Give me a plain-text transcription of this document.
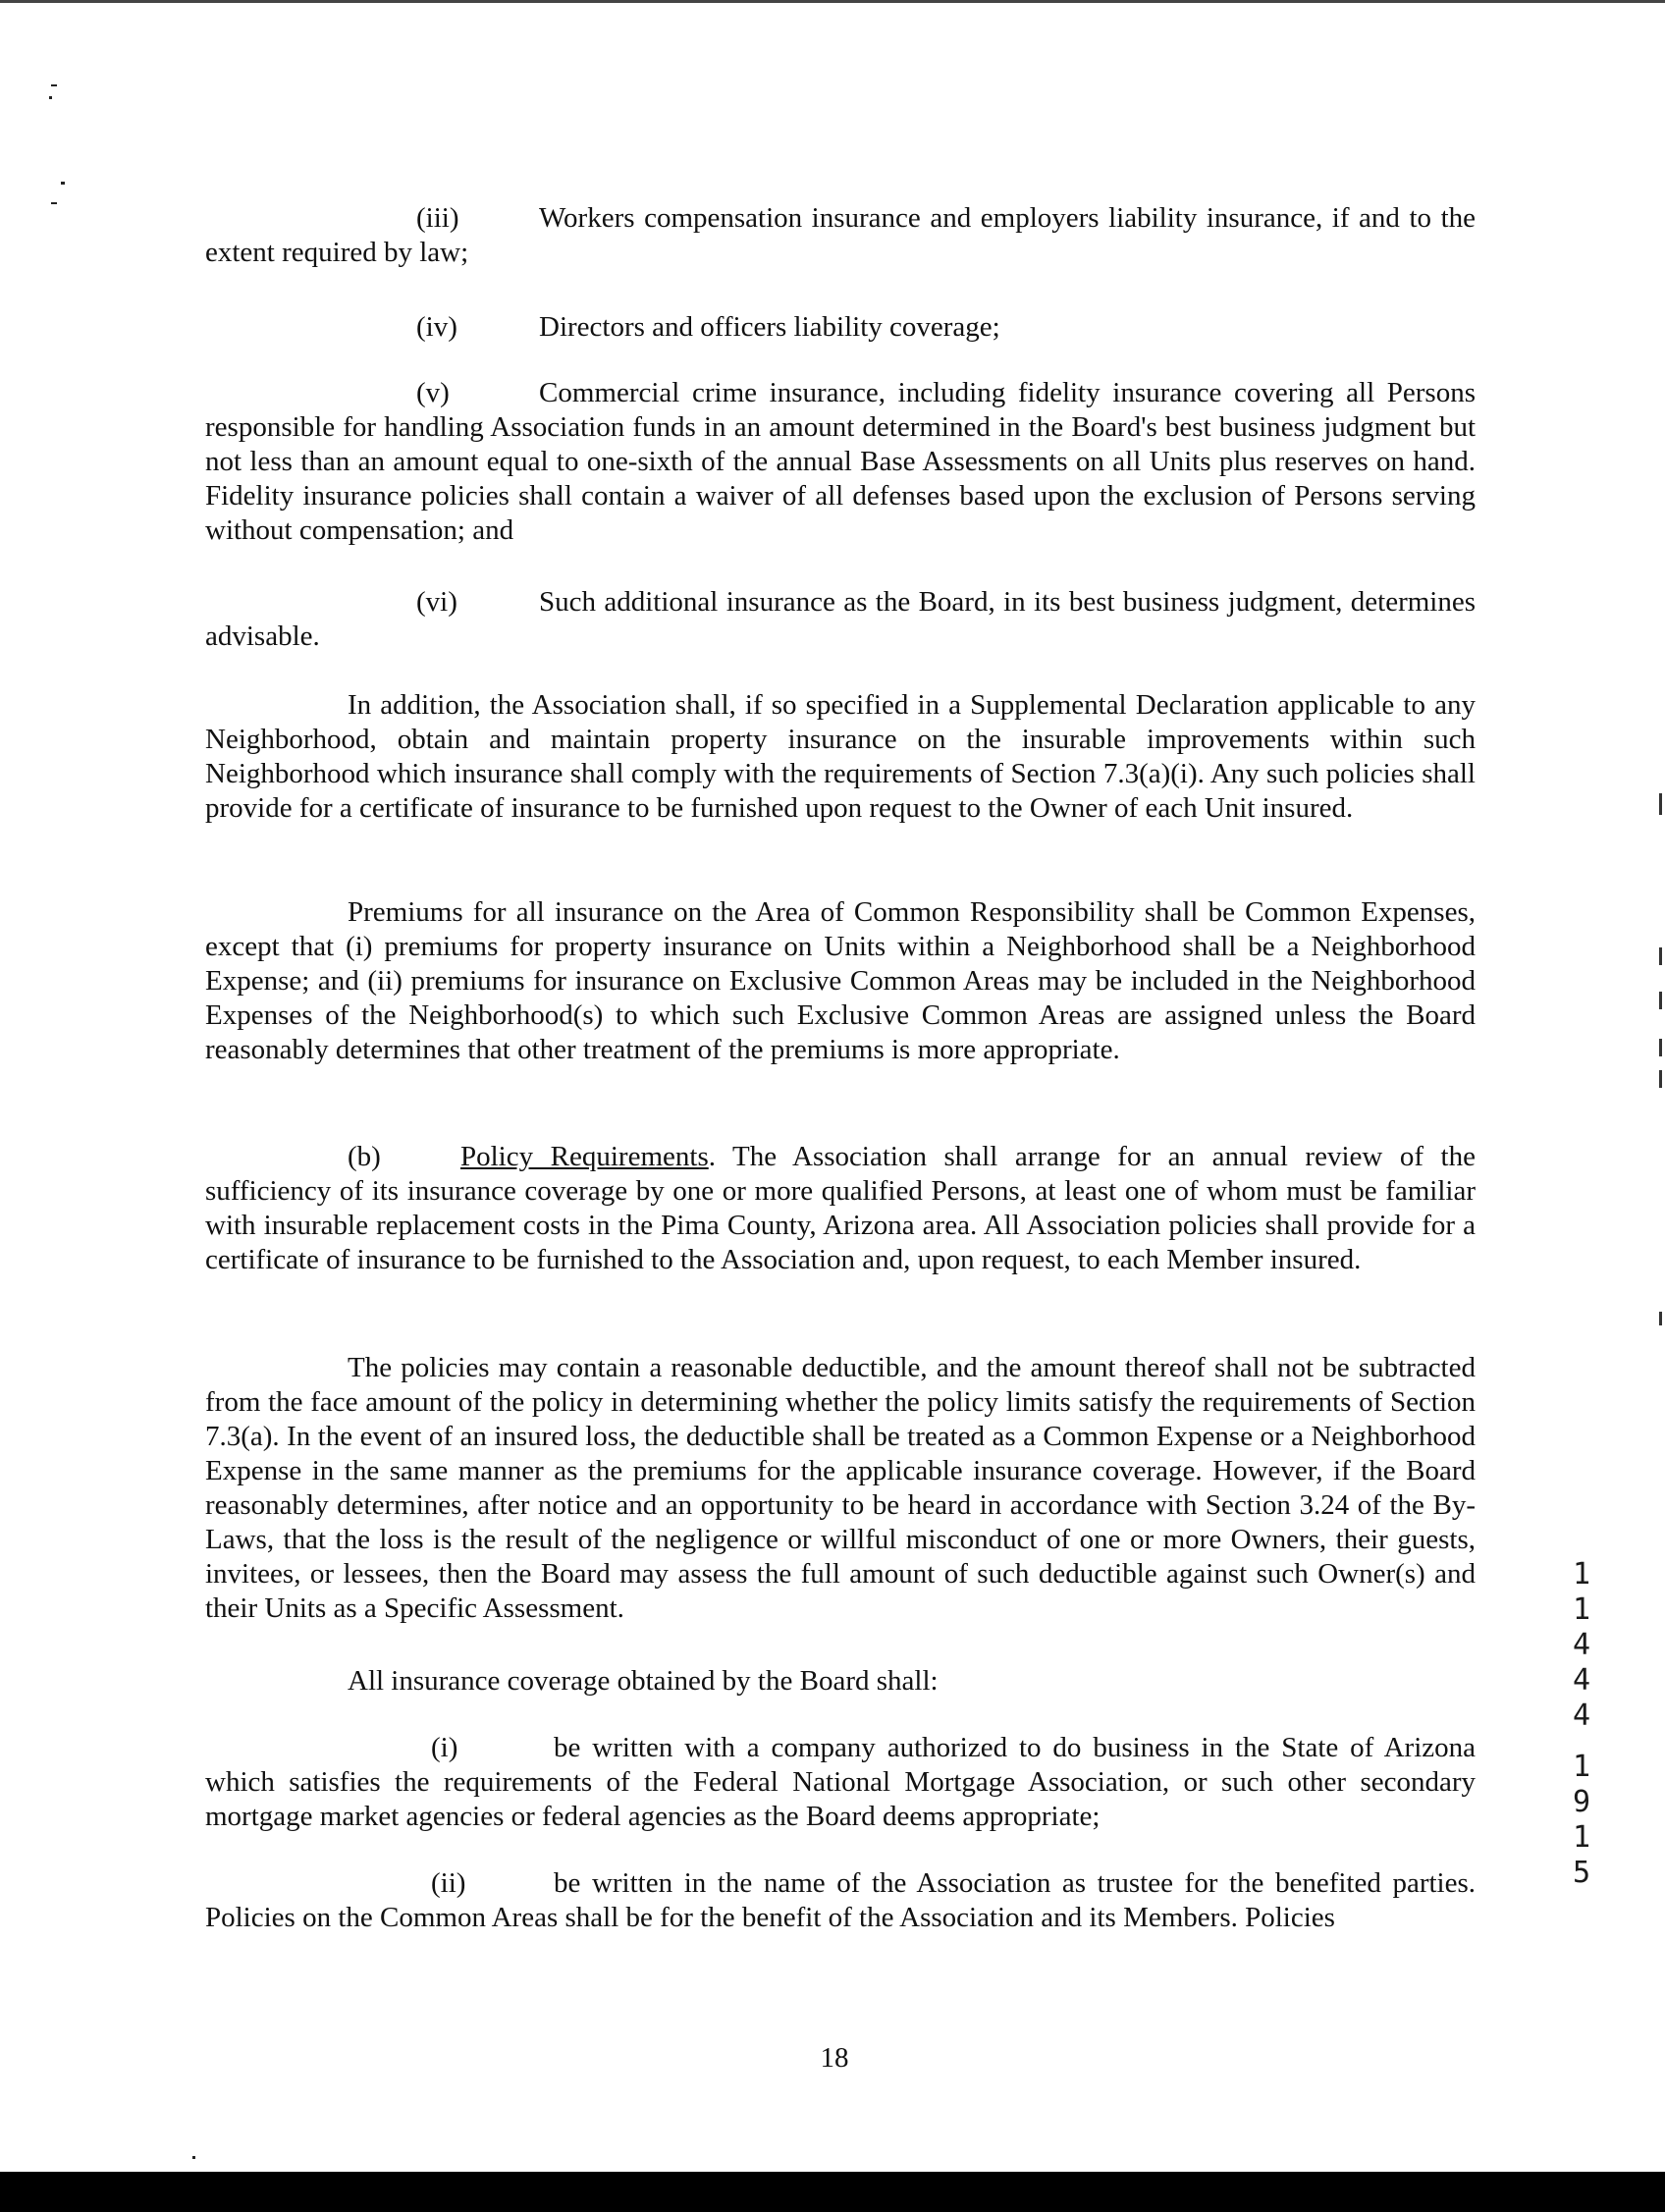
(iii)	Workers compensation insurance and employers liability insurance, if and to the extent required by law;

(iv)	Directors and officers liability coverage;

(v)	Commercial crime insurance, including fidelity insurance covering all Persons responsible for handling Association funds in an amount determined in the Board's best business judgment but not less than an amount equal to one-sixth of the annual Base Assessments on all Units plus reserves on hand. Fidelity insurance policies shall contain a waiver of all defenses based upon the exclusion of Persons serving without compensation; and

(vi)	Such additional insurance as the Board, in its best business judgment, determines advisable.

In addition, the Association shall, if so specified in a Supplemental Declaration applicable to any Neighborhood, obtain and maintain property insurance on the insurable improvements within such Neighborhood which insurance shall comply with the requirements of Section 7.3(a)(i). Any such policies shall provide for a certificate of insurance to be furnished upon request to the Owner of each Unit insured.

Premiums for all insurance on the Area of Common Responsibility shall be Common Expenses, except that (i) premiums for property insurance on Units within a Neighborhood shall be a Neighborhood Expense; and (ii) premiums for insurance on Exclusive Common Areas may be included in the Neighborhood Expenses of the Neighborhood(s) to which such Exclusive Common Areas are assigned unless the Board reasonably determines that other treatment of the premiums is more appropriate.

(b)	Policy Requirements. The Association shall arrange for an annual review of the sufficiency of its insurance coverage by one or more qualified Persons, at least one of whom must be familiar with insurable replacement costs in the Pima County, Arizona area. All Association policies shall provide for a certificate of insurance to be furnished to the Association and, upon request, to each Member insured.

The policies may contain a reasonable deductible, and the amount thereof shall not be subtracted from the face amount of the policy in determining whether the policy limits satisfy the requirements of Section 7.3(a). In the event of an insured loss, the deductible shall be treated as a Common Expense or a Neighborhood Expense in the same manner as the premiums for the applicable insurance coverage. However, if the Board reasonably determines, after notice and an opportunity to be heard in accordance with Section 3.24 of the By-Laws, that the loss is the result of the negligence or willful misconduct of one or more Owners, their guests, invitees, or lessees, then the Board may assess the full amount of such deductible against such Owner(s) and their Units as a Specific Assessment.

All insurance coverage obtained by the Board shall:

(i)	be written with a company authorized to do business in the State of Arizona which satisfies the requirements of the Federal National Mortgage Association, or such other secondary mortgage market agencies or federal agencies as the Board deems appropriate;

(ii)	be written in the name of the Association as trustee for the benefited parties. Policies on the Common Areas shall be for the benefit of the Association and its Members. Policies

18

1
1
4
4
4
1
9
1
5
